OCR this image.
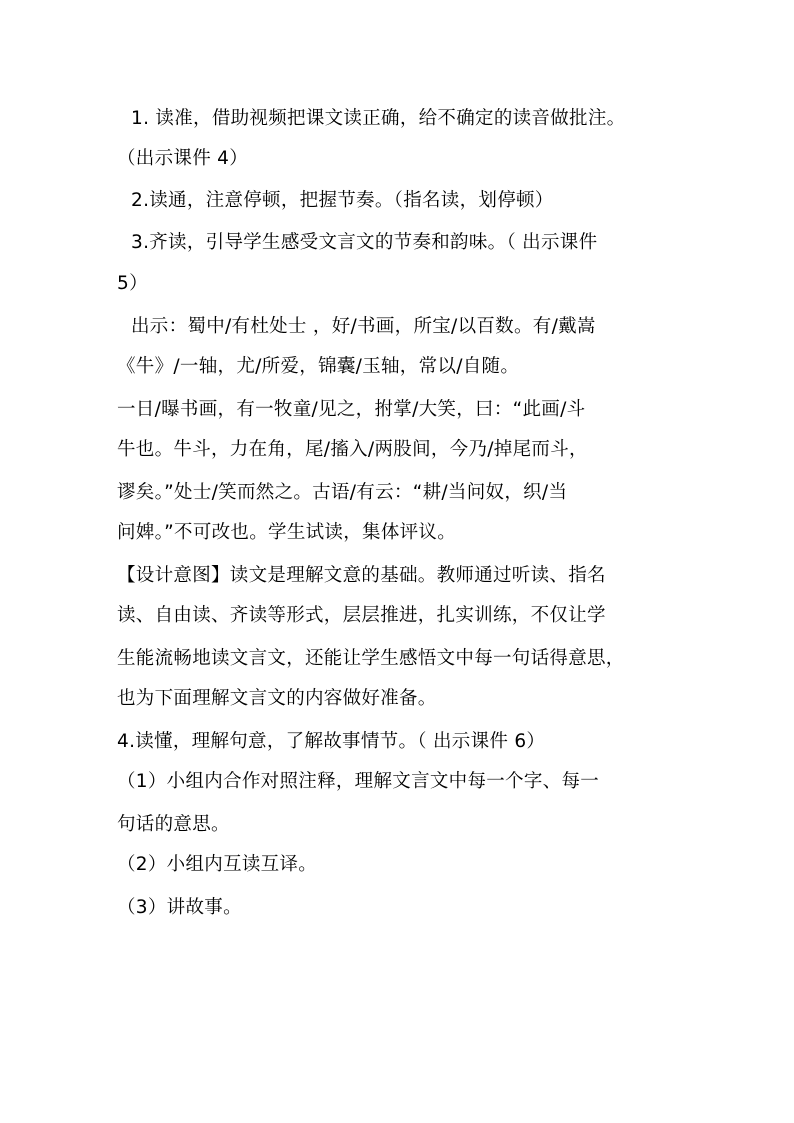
1. 读准，借助视频把课文读正确，给不确定的读音做批注。
（出示课件 4）
2.读通，注意停顿，把握节奏。（指名读，划停顿）
3.齐读，引导学生感受文言文的节奏和韵味。（ 出示课件
5）
出示：蜀中/有杜处士 ，好/书画，所宝/以百数。有/戴嵩
《牛》/一轴，尤/所爱，锦囊/玉轴，常以/自随。
一日/曝书画，有一牧童/见之，拊掌/大笑，曰：“此画/斗
牛也。牛斗，力在角，尾/搐入/两股间，今乃/掉尾而斗，
谬矣。”处士/笑而然之。古语/有云：“耕/当问奴，织/当
问婢。”不可改也。学生试读，集体评议。
【设计意图】读文是理解文意的基础。教师通过听读、指名
读、自由读、齐读等形式，层层推进，扎实训练，不仅让学
生能流畅地读文言文，还能让学生感悟文中每一句话得意思，
也为下面理解文言文的内容做好准备。
4.读懂，理解句意，了解故事情节。（ 出示课件 6）
（1）小组内合作对照注释，理解文言文中每一个字、每一
句话的意思。
（2）小组内互读互译。
（3）讲故事。
